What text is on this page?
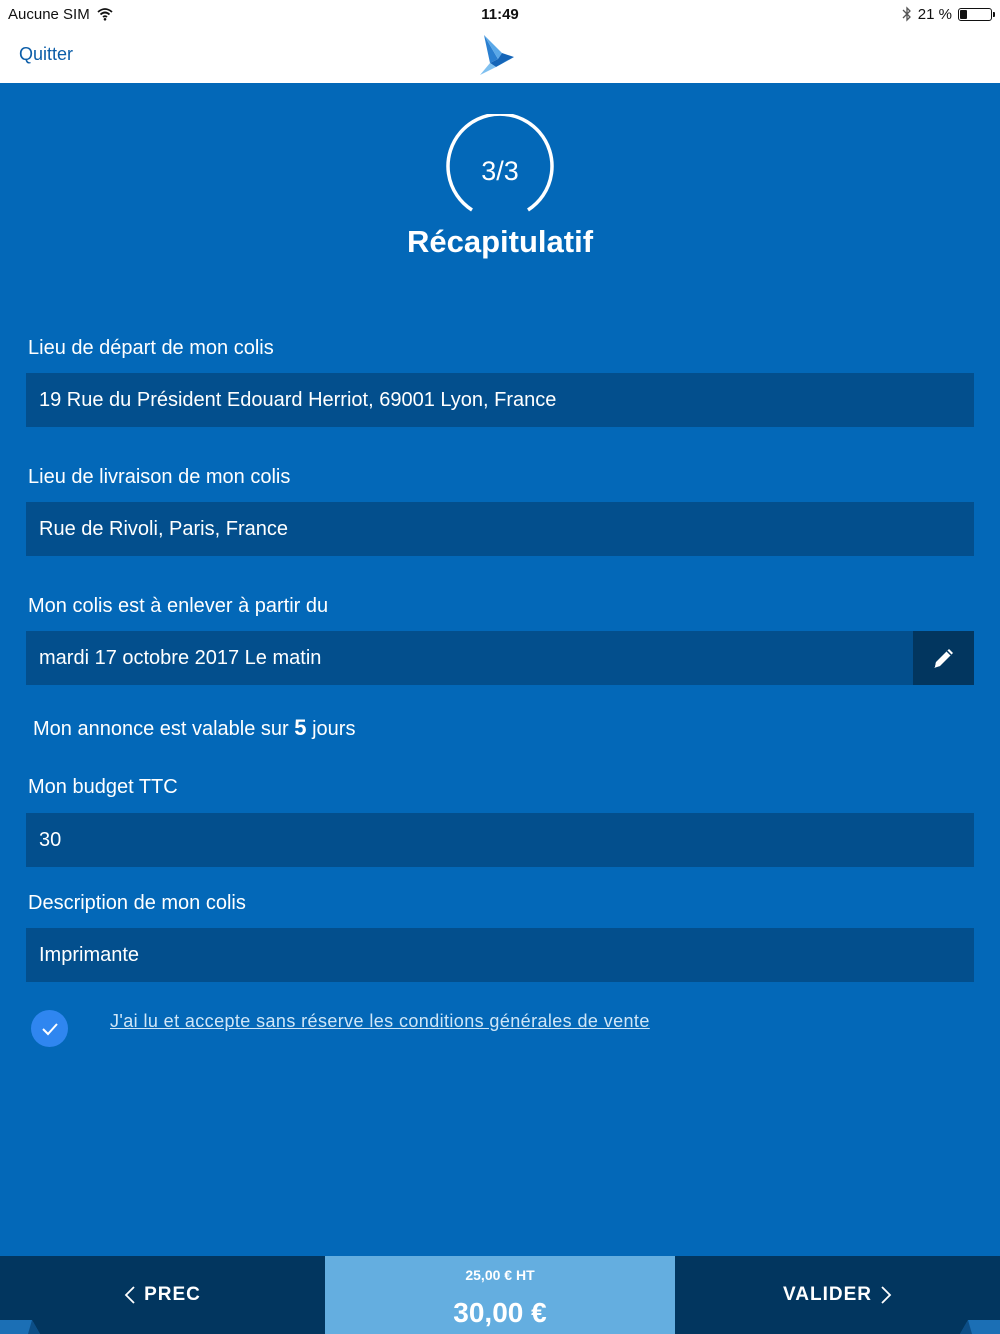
Aucune SIM	11:49	21 %
Quitter
3/3
Récapitulatif
Lieu de départ de mon colis
19 Rue du Président Edouard Herriot, 69001 Lyon, France
Lieu de livraison de mon colis
Rue de Rivoli, Paris, France
Mon colis est à enlever à partir du
mardi 17 octobre 2017 Le matin
Mon annonce est valable sur 5 jours
Mon budget TTC
30
Description de mon colis
Imprimante
J'ai lu et accepte sans réserve les conditions générales de vente
PREC
25,00 € HT
30,00 €
VALIDER
